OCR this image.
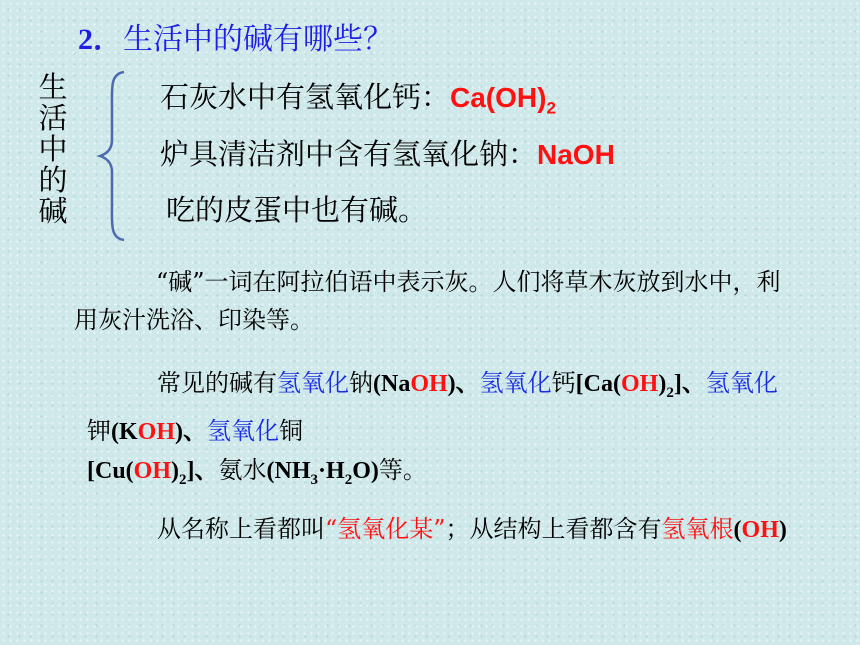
2．生活中的碱有哪些？
生活中的碱
石灰水中有氢氧化钙：$Ca(OH)_2$
炉具清洁剂中含有氢氧化钠：NaOH
吃的皮蛋中也有碱。
“碱”一词在阿拉伯语中表示灰。人们将草木灰放到水中，利用灰汁洗浴、印染等。
常见的碱有氢氧化钠(NaOH)、氢氧化钙$[Ca(OH)_2]$、氢氧化钾(KOH)、氢氧化铜
$[Cu(OH)_2]$、氨水$(NH_3\cdot H_2O)$等。
从名称上看都叫“氢氧化某”；从结构上看都含有氢氧根(OH)
